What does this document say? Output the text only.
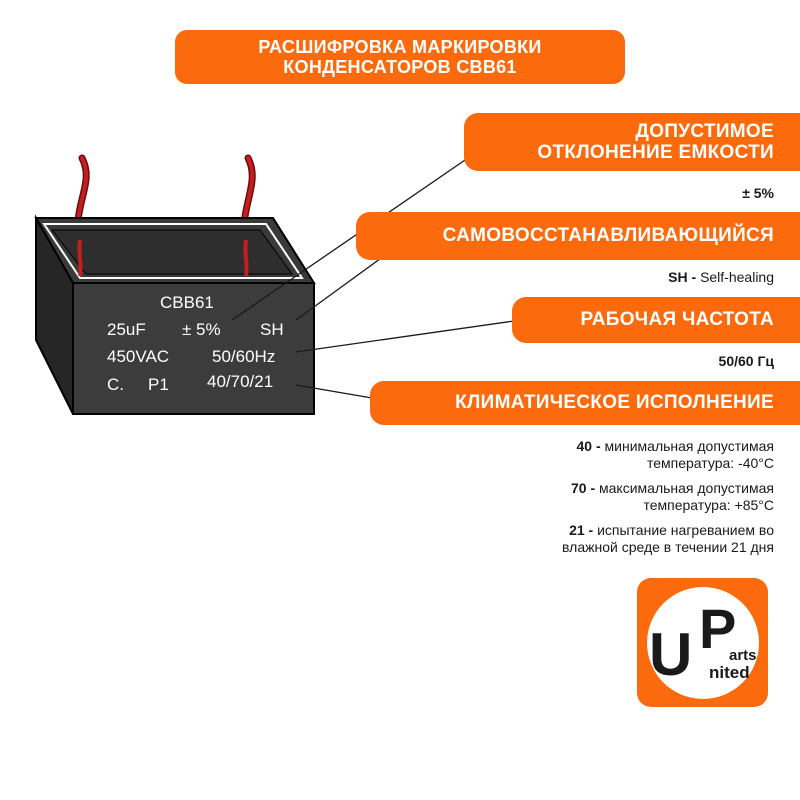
РАСШИФРОВКА МАРКИРОВКИ
КОНДЕНСАТОРОВ CBB61
CBB61
25uF ± 5% SH
450VAC	50/60Hz
C. P1 40/70/21
ДОПУСТИМОЕ
ОТКЛОНЕНИЕ ЕМКОСТИ
± 5%
САМОВОССТАНАВЛИВАЮЩИЙСЯ
SH - Self-healing
РАБОЧАЯ ЧАСТОТА
50/60 Гц
КЛИМАТИЧЕСКОЕ ИСПОЛНЕНИЕ
40 - минимальная допустимая
температура: -40°C
70 - максимальная допустимая
температура: +85°C
21 - испытание нагреванием во
влажной среде в течении 21 дня
U P
arts
nited
